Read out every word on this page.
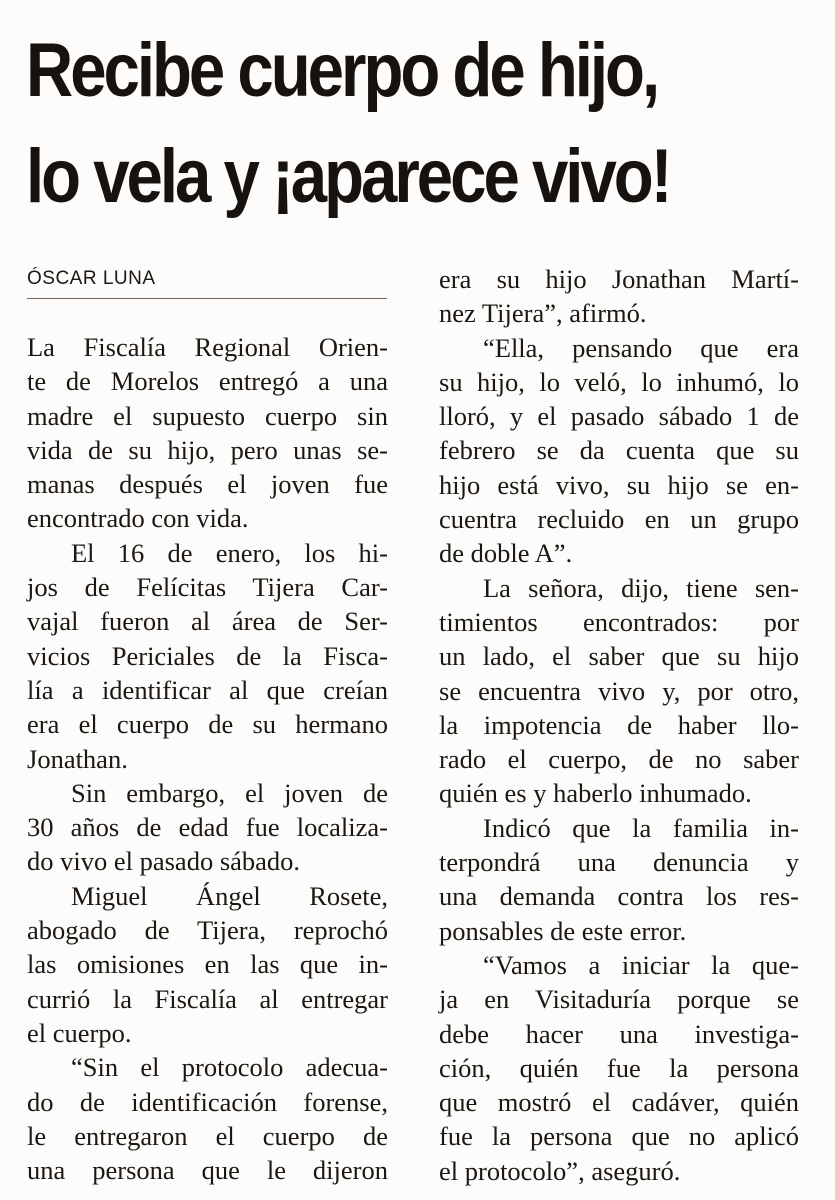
Recibe cuerpo de hijo,
lo vela y ¡aparece vivo!
ÓSCAR LUNA
La Fiscalía Regional Orien-
te de Morelos entregó a una
madre el supuesto cuerpo sin
vida de su hijo, pero unas se-
manas después el joven fue
encontrado con vida.
El 16 de enero, los hi-
jos de Felícitas Tijera Car-
vajal fueron al área de Ser-
vicios Periciales de la Fisca-
lía a identificar al que creían
era el cuerpo de su hermano
Jonathan.
Sin embargo, el joven de
30 años de edad fue localiza-
do vivo el pasado sábado.
Miguel Ángel Rosete,
abogado de Tijera, reprochó
las omisiones en las que in-
currió la Fiscalía al entregar
el cuerpo.
“Sin el protocolo adecua-
do de identificación forense,
le entregaron el cuerpo de
una persona que le dijeron
era su hijo Jonathan Martí-
nez Tijera”, afirmó.
“Ella, pensando que era
su hijo, lo veló, lo inhumó, lo
lloró, y el pasado sábado 1 de
febrero se da cuenta que su
hijo está vivo, su hijo se en-
cuentra recluido en un grupo
de doble A”.
La señora, dijo, tiene sen-
timientos encontrados: por
un lado, el saber que su hijo
se encuentra vivo y, por otro,
la impotencia de haber llo-
rado el cuerpo, de no saber
quién es y haberlo inhumado.
Indicó que la familia in-
terpondrá una denuncia y
una demanda contra los res-
ponsables de este error.
“Vamos a iniciar la que-
ja en Visitaduría porque se
debe hacer una investiga-
ción, quién fue la persona
que mostró el cadáver, quién
fue la persona que no aplicó
el protocolo”, aseguró.
